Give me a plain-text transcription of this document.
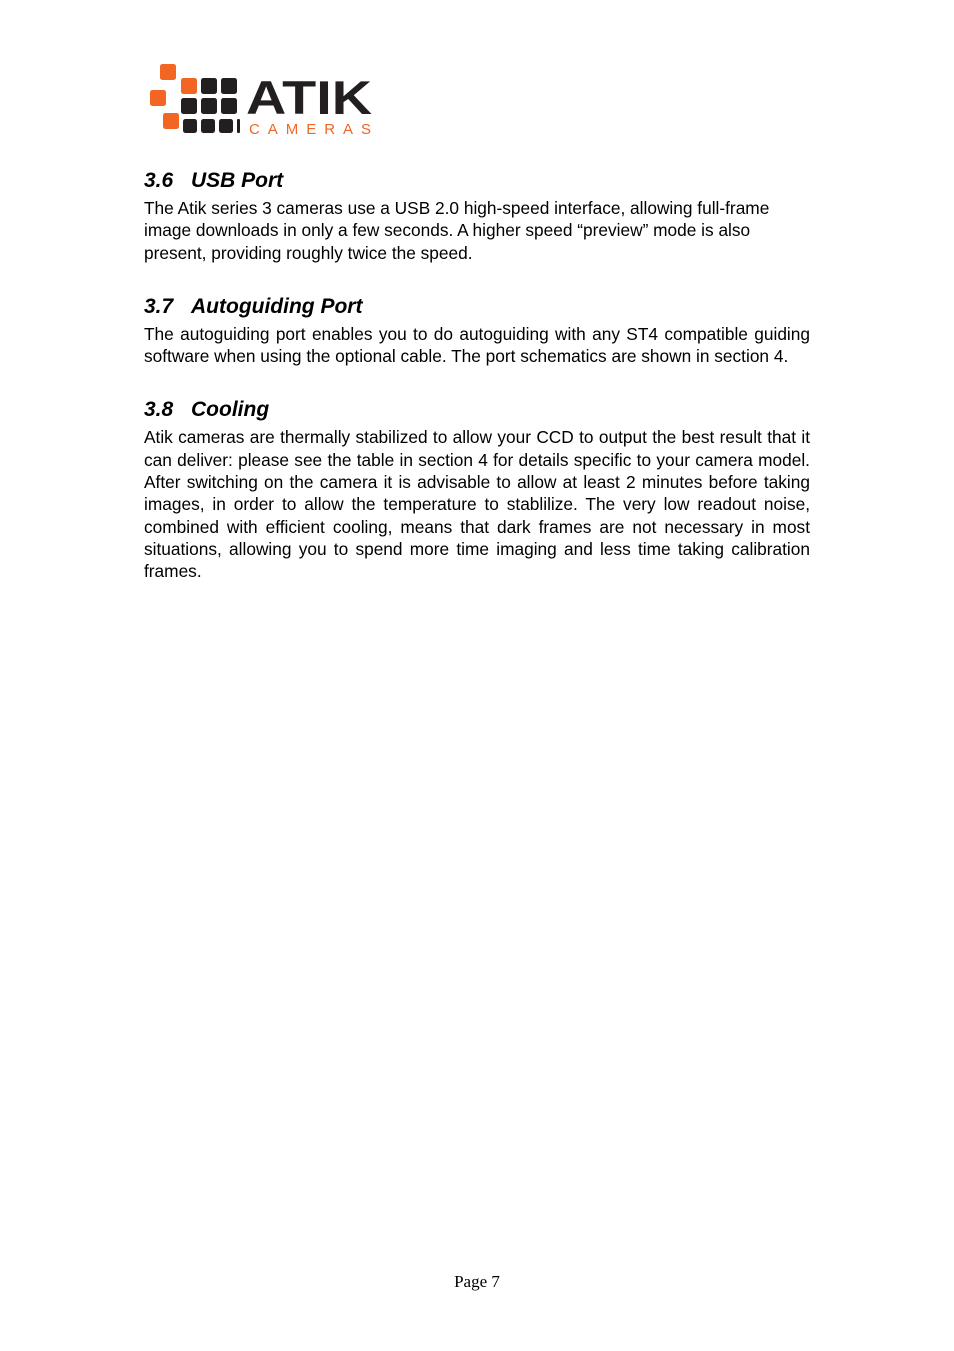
ATIK
CAMERAS
3.6 USB Port

The Atik series 3 cameras use a USB 2.0 high-speed interface, allowing full-frame image downloads in only a few seconds. A higher speed “preview” mode is also present, providing roughly twice the speed.

3.7 Autoguiding Port

The autoguiding port enables you to do autoguiding with any ST4 compatible guiding software when using the optional cable. The port schematics are shown in section 4.

3.8 Cooling

Atik cameras are thermally stabilized to allow your CCD to output the best result that it can deliver: please see the table in section 4 for details specific to your camera model. After switching on the camera it is advisable to allow at least 2 minutes before taking images, in order to allow the temperature to stablilize. The very low readout noise, combined with efficient cooling, means that dark frames are not necessary in most situations, allowing you to spend more time imaging and less time taking calibration frames.

Page 7
